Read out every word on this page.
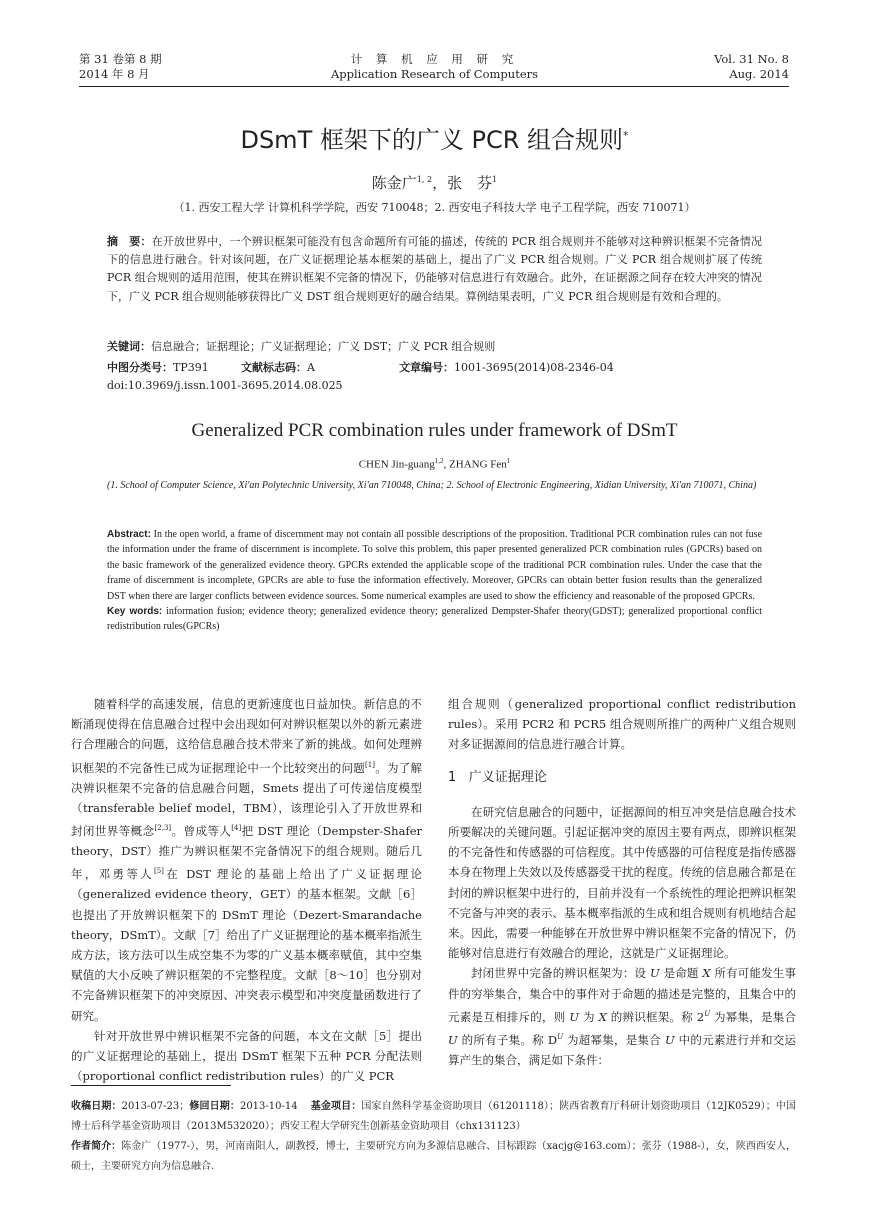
第 31 卷第 8 期
2014 年 8 月
计 算 机 应 用 研 究
Application Research of Computers
Vol. 31 No. 8
Aug. 2014
DSmT 框架下的广义 PCR 组合规则*
陈金广$^{1, 2}$，张　芬$^1$
（1. 西安工程大学 计算机科学学院，西安 710048；2. 西安电子科技大学 电子工程学院，西安 710071）
摘　要：在开放世界中，一个辨识框架可能没有包含命题所有可能的描述，传统的 PCR 组合规则并不能够对这种辨识框架不完备情况下的信息进行融合。针对该问题，在广义证据理论基本框架的基础上，提出了广义 PCR 组合规则。广义 PCR 组合规则扩展了传统 PCR 组合规则的适用范围，使其在辨识框架不完备的情况下，仍能够对信息进行有效融合。此外，在证据源之间存在较大冲突的情况下，广义 PCR 组合规则能够获得比广义 DST 组合规则更好的融合结果。算例结果表明，广义 PCR 组合规则是有效和合理的。
关键词：信息融合；证据理论；广义证据理论；广义 DST；广义 PCR 组合规则
中图分类号：TP391	文献标志码：A	文章编号：1001-3695(2014)08-2346-04
doi:10.3969/j.issn.1001-3695.2014.08.025
Generalized PCR combination rules under framework of DSmT
CHEN Jin-guang$^{1,2}$, ZHANG Fen$^1$
(1. School of Computer Science, Xi'an Polytechnic University, Xi'an 710048, China; 2. School of Electronic Engineering, Xidian University, Xi'an 710071, China)
Abstract: In the open world, a frame of discernment may not contain all possible descriptions of the proposition. Traditional PCR combination rules can not fuse the information under the frame of discernment is incomplete. To solve this problem, this paper presented generalized PCR combination rules (GPCRs) based on the basic framework of the generalized evidence theory. GPCRs extended the applicable scope of the traditional PCR combination rules. Under the case that the frame of discernment is incomplete, GPCRs are able to fuse the information effectively. Moreover, GPCRs can obtain better fusion results than the generalized DST when there are larger conflicts between evidence sources. Some numerical examples are used to show the efficiency and reasonable of the proposed GPCRs.
Key words: information fusion; evidence theory; generalized evidence theory; generalized Dempster-Shafer theory(GDST); generalized proportional conflict redistribution rules(GPCRs)

随着科学的高速发展，信息的更新速度也日益加快。新信息的不断涌现使得在信息融合过程中会出现如何对辨识框架以外的新元素进行合理融合的问题，这给信息融合技术带来了新的挑战。如何处理辨识框架的不完备性已成为证据理论中一个比较突出的问题[1]。为了解决辨识框架不完备的信息融合问题，Smets 提出了可传递信度模型（transferable belief model，TBM），该理论引入了开放世界和封闭世界等概念[2,3]。曾成等人[4]把 DST 理论（Dempster-Shafer theory，DST）推广为辨识框架不完备情况下的组合规则。随后几年，邓勇等人[5]在 DST 理论的基础上给出了广义证据理论（generalized evidence theory，GET）的基本框架。文献［6］也提出了开放辨识框架下的 DSmT 理论（Dezert-Smarandache theory，DSmT）。文献［7］给出了广义证据理论的基本概率指派生成方法，该方法可以生成空集不为零的广义基本概率赋值，其中空集赋值的大小反映了辨识框架的不完整程度。文献［8～10］也分别对不完备辨识框架下的冲突原因、冲突表示模型和冲突度量函数进行了研究。

针对开放世界中辨识框架不完备的问题，本文在文献［5］提出的广义证据理论的基础上，提出 DSmT 框架下五种 PCR 分配法则（proportional conflict redistribution rules）的广义 PCR

组合规则（generalized proportional conflict redistribution rules）。采用 PCR2 和 PCR5 组合规则所推广的两种广义组合规则对多证据源间的信息进行融合计算。

1 广义证据理论

在研究信息融合的问题中，证据源间的相互冲突是信息融合技术所要解决的关键问题。引起证据冲突的原因主要有两点，即辨识框架的不完备性和传感器的可信程度。其中传感器的可信程度是指传感器本身在物理上失效以及传感器受干扰的程度。传统的信息融合都是在封闭的辨识框架中进行的，目前并没有一个系统性的理论把辨识框架不完备与冲突的表示、基本概率指派的生成和组合规则有机地结合起来。因此，需要一种能够在开放世界中辨识框架不完备的情况下，仍能够对信息进行有效融合的理论，这就是广义证据理论。

封闭世界中完备的辨识框架为：设 U 是命题 X 所有可能发生事件的穷举集合，集合中的事件对于命题的描述是完整的，且集合中的元素是互相排斥的，则 U 为 X 的辨识框架。称 $2^U$ 为幂集，是集合 U 的所有子集。称 $D^U$ 为超幂集，是集合 U 中的元素进行并和交运算产生的集合，满足如下条件：

收稿日期：2013-07-23；修回日期：2013-10-14 基金项目：国家自然科学基金资助项目（61201118）；陕西省教育厅科研计划资助项目（12JK0529）；中国博士后科学基金资助项目（2013M532020）；西安工程大学研究生创新基金资助项目（chx131123）
作者简介：陈金广（1977-），男，河南南阳人，副教授，博士，主要研究方向为多源信息融合、目标跟踪（xacjg@163.com）；张芬（1988-），女，陕西西安人，硕士，主要研究方向为信息融合.
